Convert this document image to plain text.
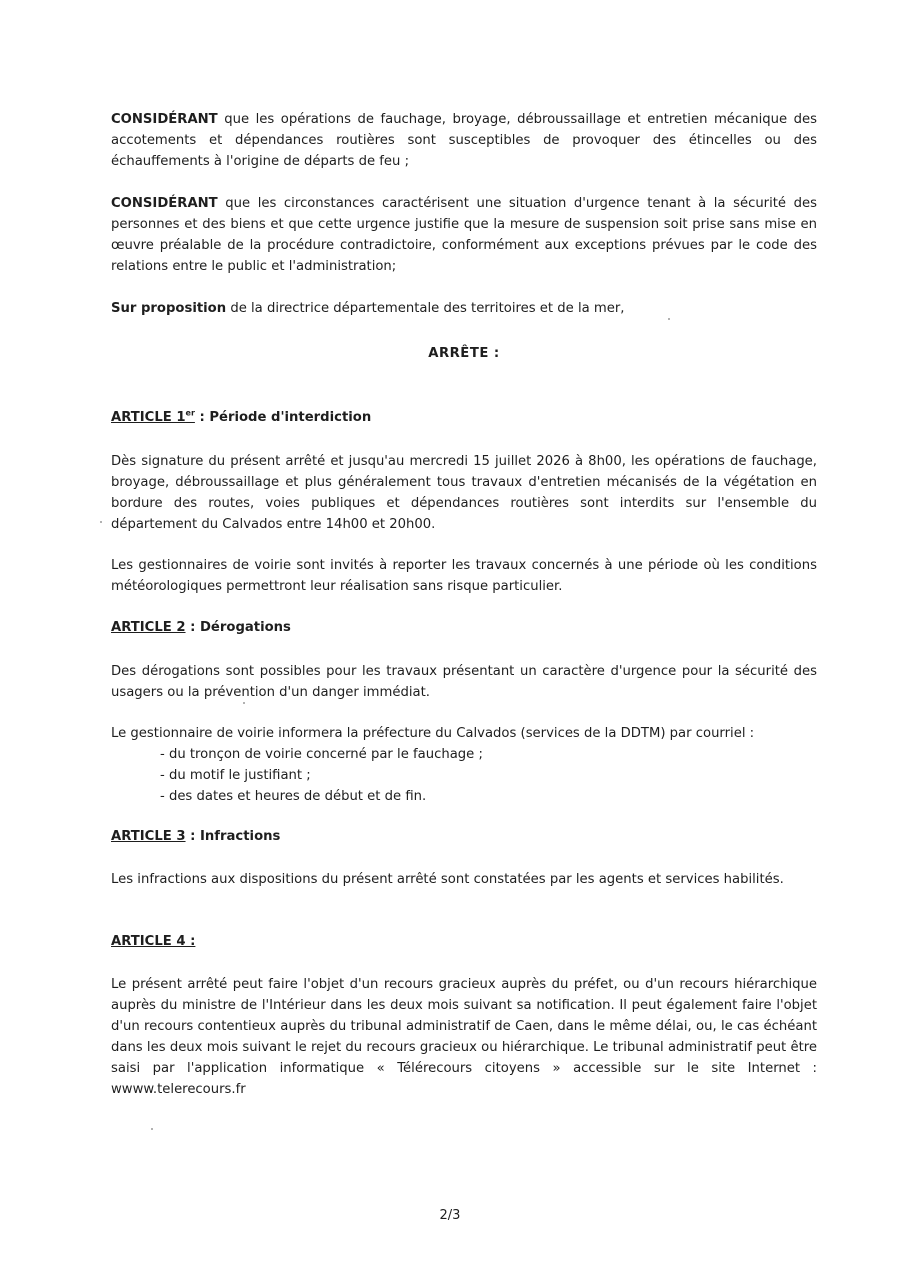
CONSIDÉRANT que les opérations de fauchage, broyage, débroussaillage et entretien mécanique des accotements et dépendances routières sont susceptibles de provoquer des étincelles ou des échauffements à l'origine de départs de feu ;

CONSIDÉRANT que les circonstances caractérisent une situation d'urgence tenant à la sécurité des personnes et des biens et que cette urgence justifie que la mesure de suspension soit prise sans mise en œuvre préalable de la procédure contradictoire, conformément aux exceptions prévues par le code des relations entre le public et l'administration;

Sur proposition de la directrice départementale des territoires et de la mer,

ARRÊTE :
ARTICLE 1er : Période d'interdiction

Dès signature du présent arrêté et jusqu'au mercredi 15 juillet 2026 à 8h00, les opérations de fauchage, broyage, débroussaillage et plus généralement tous travaux d'entretien mécanisés de la végétation en bordure des routes, voies publiques et dépendances routières sont interdits sur l'ensemble du département du Calvados entre 14h00 et 20h00.

Les gestionnaires de voirie sont invités à reporter les travaux concernés à une période où les conditions météorologiques permettront leur réalisation sans risque particulier.

ARTICLE 2 : Dérogations

Des dérogations sont possibles pour les travaux présentant un caractère d'urgence pour la sécurité des usagers ou la prévention d'un danger immédiat.

Le gestionnaire de voirie informera la préfecture du Calvados (services de la DDTM) par courriel :

- du tronçon de voirie concerné par le fauchage ;
- du motif le justifiant ;
- des dates et heures de début et de fin.
ARTICLE 3 : Infractions

Les infractions aux dispositions du présent arrêté sont constatées par les agents et services habilités.

ARTICLE 4 :

Le présent arrêté peut faire l'objet d'un recours gracieux auprès du préfet, ou d'un recours hiérarchique auprès du ministre de l'Intérieur dans les deux mois suivant sa notification. Il peut également faire l'objet d'un recours contentieux auprès du tribunal administratif de Caen, dans le même délai, ou, le cas échéant dans les deux mois suivant le rejet du recours gracieux ou hiérarchique. Le tribunal administratif peut être saisi par l'application informatique « Télérecours citoyens » accessible sur le site Internet : wwww.telerecours.fr

2/3
